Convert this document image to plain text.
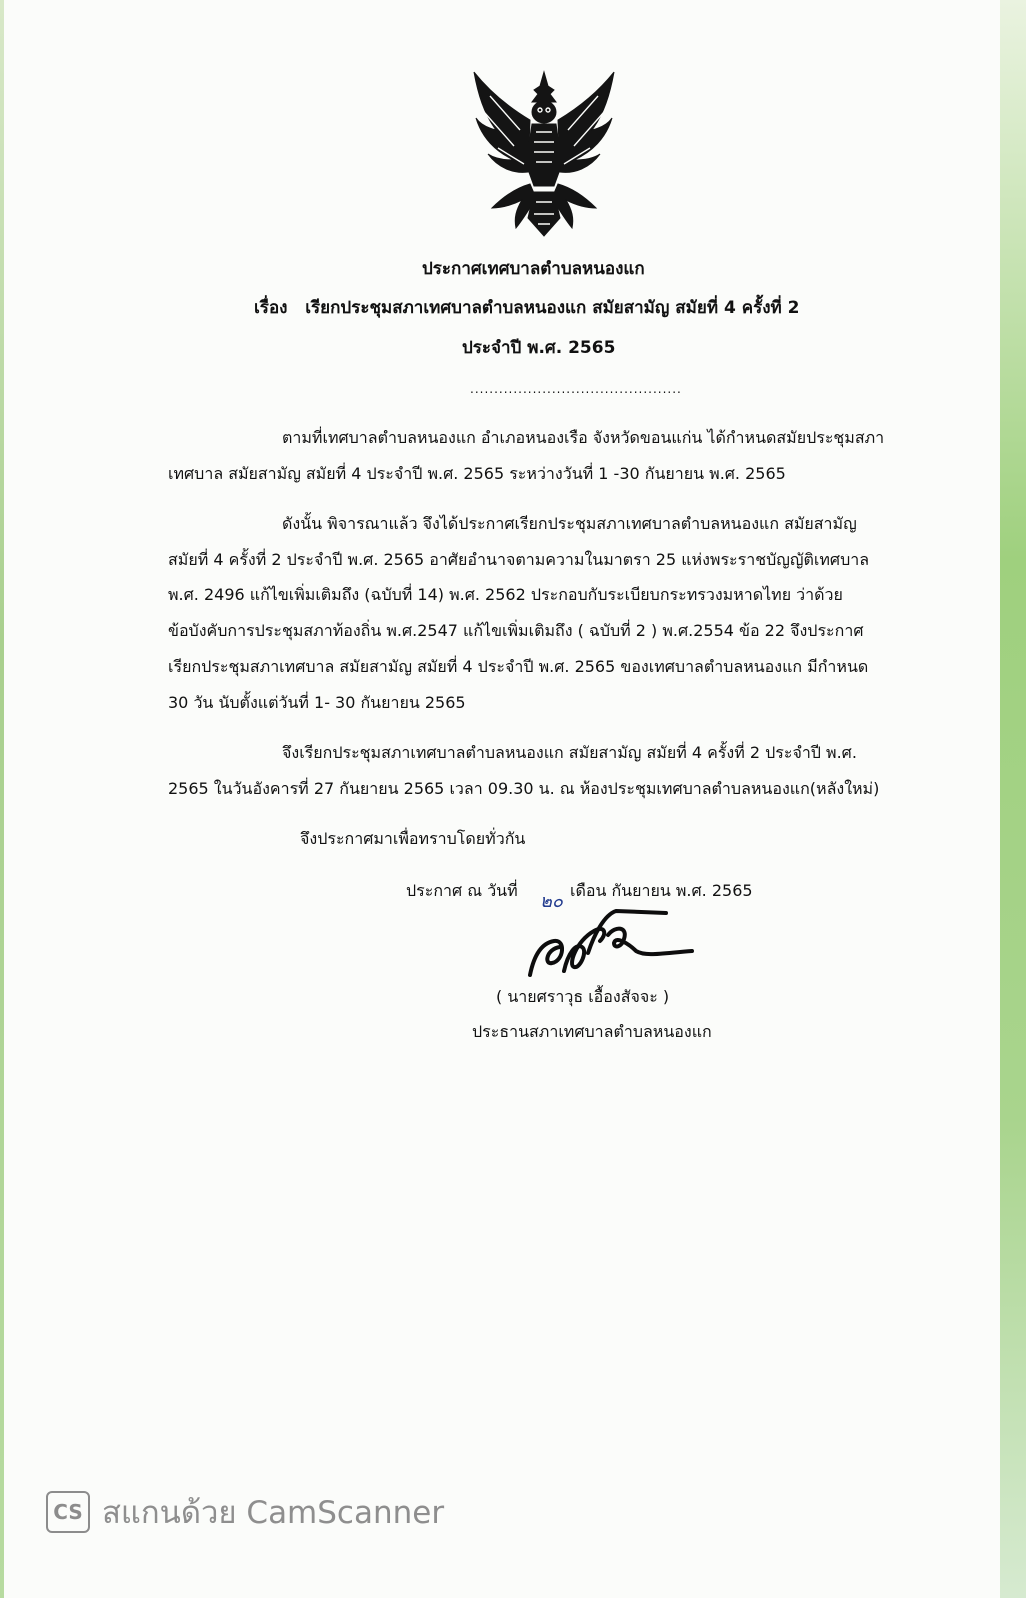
ประกาศเทศบาลตำบลหนองแก
เรื่อง เรียกประชุมสภาเทศบาลตำบลหนองแก สมัยสามัญ สมัยที่ 4 ครั้งที่ 2
ประจำปี พ.ศ. 2565
............................................
ตามที่เทศบาลตำบลหนองแก อำเภอหนองเรือ จังหวัดขอนแก่น ได้กำหนดสมัยประชุมสภา
เทศบาล สมัยสามัญ สมัยที่ 4 ประจำปี พ.ศ. 2565 ระหว่างวันที่ 1 -30 กันยายน พ.ศ. 2565
ดังนั้น พิจารณาแล้ว จึงได้ประกาศเรียกประชุมสภาเทศบาลตำบลหนองแก สมัยสามัญ
สมัยที่ 4 ครั้งที่ 2 ประจำปี พ.ศ. 2565 อาศัยอำนาจตามความในมาตรา 25 แห่งพระราชบัญญัติเทศบาล
พ.ศ. 2496 แก้ไขเพิ่มเติมถึง (ฉบับที่ 14) พ.ศ. 2562 ประกอบกับระเบียบกระทรวงมหาดไทย ว่าด้วย
ข้อบังคับการประชุมสภาท้องถิ่น พ.ศ.2547 แก้ไขเพิ่มเติมถึง ( ฉบับที่ 2 ) พ.ศ.2554 ข้อ 22 จึงประกาศ
เรียกประชุมสภาเทศบาล สมัยสามัญ สมัยที่ 4 ประจำปี พ.ศ. 2565 ของเทศบาลตำบลหนองแก มีกำหนด
30 วัน นับตั้งแต่วันที่ 1- 30 กันยายน 2565
จึงเรียกประชุมสภาเทศบาลตำบลหนองแก สมัยสามัญ สมัยที่ 4 ครั้งที่ 2 ประจำปี พ.ศ.
2565 ในวันอังคารที่ 27 กันยายน 2565 เวลา 09.30 น. ณ ห้องประชุมเทศบาลตำบลหนองแก(หลังใหม่)
จึงประกาศมาเพื่อทราบโดยทั่วกัน
ประกาศ ณ วันที่
๒๐
เดือน กันยายน พ.ศ. 2565
( นายศราวุธ เอื้องสัจจะ )
ประธานสภาเทศบาลตำบลหนองแก
CS สแกนด้วย CamScanner
